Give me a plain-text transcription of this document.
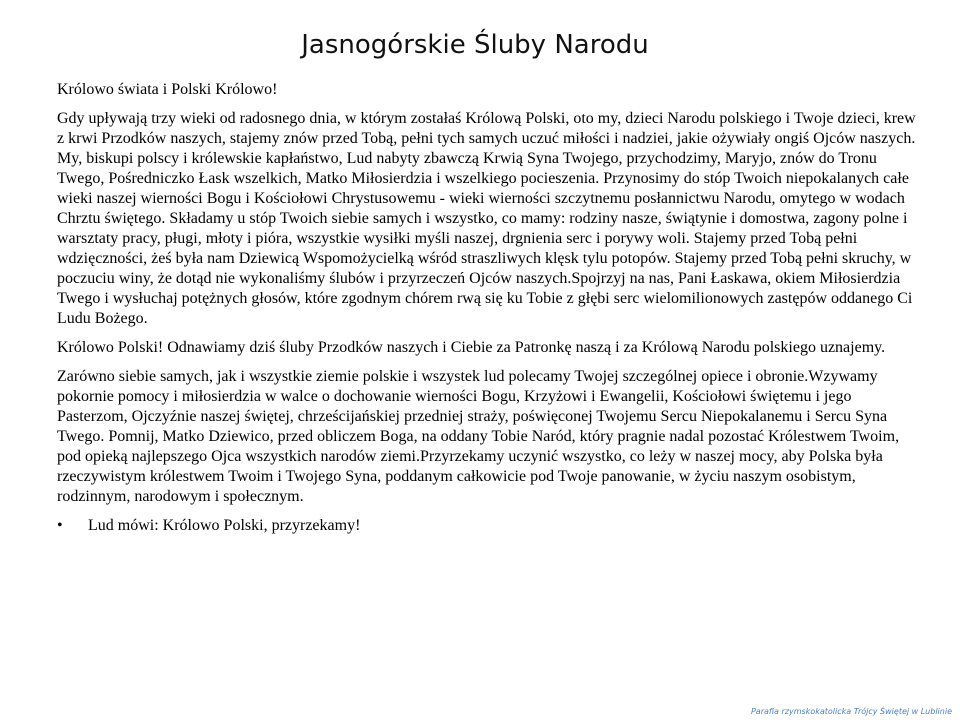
Jasnogórskie Śluby Narodu

Królowo świata i Polski Królowo!

Gdy upływają trzy wieki od radosnego dnia, w którym zostałaś Królową Polski, oto my, dzieci Narodu polskiego i Twoje dzieci, krew z krwi Przodków naszych, stajemy znów przed Tobą, pełni tych samych uczuć miłości i nadziei, jakie ożywiały ongiś Ojców naszych. My, biskupi polscy i królewskie kapłaństwo, Lud nabyty zbawczą Krwią Syna Twojego, przychodzimy, Maryjo, znów do Tronu Twego, Pośredniczko Łask wszelkich, Matko Miłosierdzia i wszelkiego pocieszenia. Przynosimy do stóp Twoich niepokalanych całe wieki naszej wierności Bogu i Kościołowi Chrystusowemu - wieki wierności szczytnemu posłannictwu Narodu, omytego w wodach Chrztu świętego. Składamy u stóp Twoich siebie samych i wszystko, co mamy: rodziny nasze, świątynie i domostwa, zagony polne i warsztaty pracy, pługi, młoty i pióra, wszystkie wysiłki myśli naszej, drgnienia serc i porywy woli. Stajemy przed Tobą pełni wdzięczności, żeś była nam Dziewicą Wspomożycielką wśród straszliwych klęsk tylu potopów. Stajemy przed Tobą pełni skruchy, w poczuciu winy, że dotąd nie wykonaliśmy ślubów i przyrzeczeń Ojców naszych.Spojrzyj na nas, Pani Łaskawa, okiem Miłosierdzia Twego i wysłuchaj potężnych głosów, które zgodnym chórem rwą się ku Tobie z głębi serc wielomilionowych zastępów oddanego Ci Ludu Bożego.

Królowo Polski! Odnawiamy dziś śluby Przodków naszych i Ciebie za Patronkę naszą i za Królową Narodu polskiego uznajemy.

Zarówno siebie samych, jak i wszystkie ziemie polskie i wszystek lud polecamy Twojej szczególnej opiece i obronie.Wzywamy pokornie pomocy i miłosierdzia w walce o dochowanie wierności Bogu, Krzyżowi i Ewangelii, Kościołowi świętemu i jego Pasterzom, Ojczyźnie naszej świętej, chrześcijańskiej przedniej straży, poświęconej Twojemu Sercu Niepokalanemu i Sercu Syna Twego. Pomnij, Matko Dziewico, przed obliczem Boga, na oddany Tobie Naród, który pragnie nadal pozostać Królestwem Twoim, pod opieką najlepszego Ojca wszystkich narodów ziemi.Przyrzekamy uczynić wszystko, co leży w naszej mocy, aby Polska była rzeczywistym królestwem Twoim i Twojego Syna, poddanym całkowicie pod Twoje panowanie, w życiu naszym osobistym, rodzinnym, narodowym i społecznym.

•	Lud mówi: Królowo Polski, przyrzekamy!
Parafia rzymskokatolicka Trójcy Świętej w Lublinie
